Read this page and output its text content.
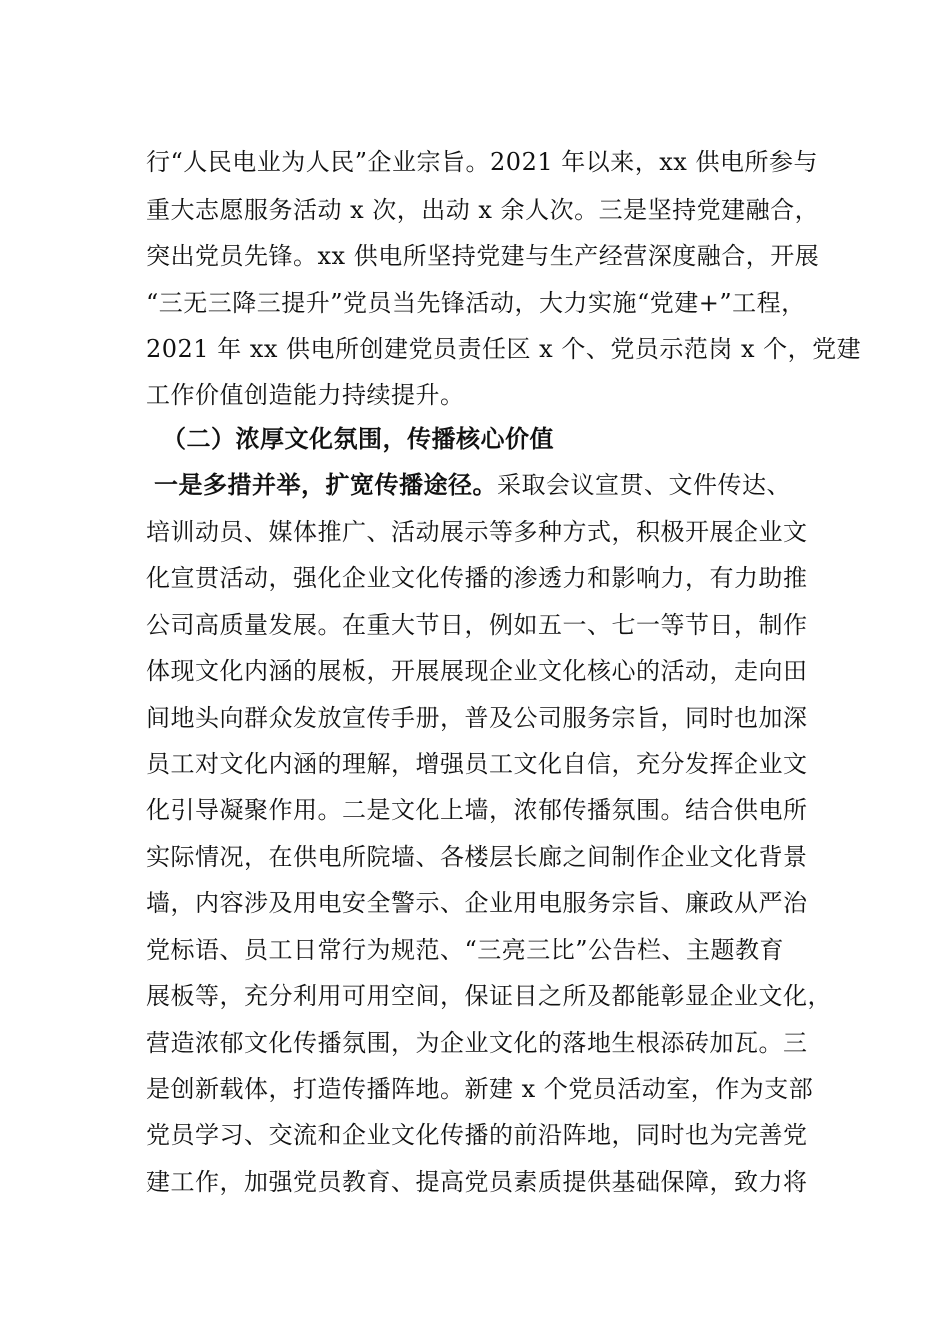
行“人民电业为人民”企业宗旨。2021 年以来，xx 供电所参与
重大志愿服务活动 x 次，出动 x 余人次。三是坚持党建融合，
突出党员先锋。xx 供电所坚持党建与生产经营深度融合，开展
“三无三降三提升”党员当先锋活动，大力实施“党建+”工程，
2021 年 xx 供电所创建党员责任区 x 个、党员示范岗 x 个，党建
工作价值创造能力持续提升。
（二）浓厚文化氛围，传播核心价值
一是多措并举，扩宽传播途径。采取会议宣贯、文件传达、
培训动员、媒体推广、活动展示等多种方式，积极开展企业文
化宣贯活动，强化企业文化传播的渗透力和影响力，有力助推
公司高质量发展。在重大节日，例如五一、七一等节日，制作
体现文化内涵的展板，开展展现企业文化核心的活动，走向田
间地头向群众发放宣传手册，普及公司服务宗旨，同时也加深
员工对文化内涵的理解，增强员工文化自信，充分发挥企业文
化引导凝聚作用。二是文化上墙，浓郁传播氛围。结合供电所
实际情况，在供电所院墙、各楼层长廊之间制作企业文化背景
墙，内容涉及用电安全警示、企业用电服务宗旨、廉政从严治
党标语、员工日常行为规范、“三亮三比”公告栏、主题教育
展板等，充分利用可用空间，保证目之所及都能彰显企业文化，
营造浓郁文化传播氛围，为企业文化的落地生根添砖加瓦。三
是创新载体，打造传播阵地。新建 x 个党员活动室，作为支部
党员学习、交流和企业文化传播的前沿阵地，同时也为完善党
建工作，加强党员教育、提高党员素质提供基础保障，致力将
